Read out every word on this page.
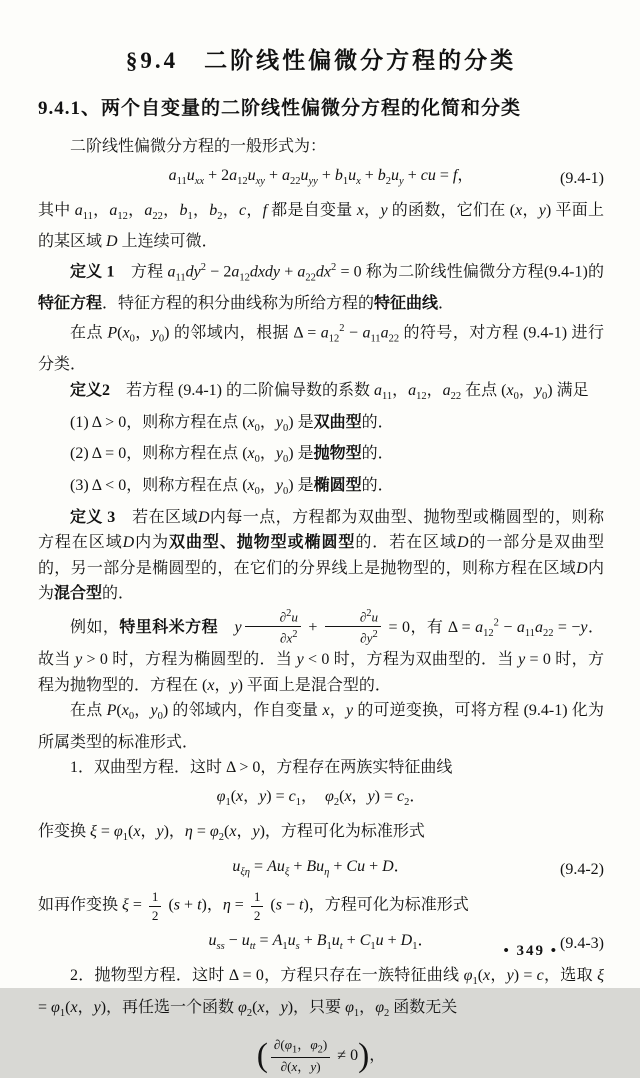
§9.4　二阶线性偏微分方程的分类
9.4.1、两个自变量的二阶线性偏微分方程的化简和分类

二阶线性偏微分方程的一般形式为：

$a_{11}u_{xx} + 2a_{12}u_{xy} + a_{22}u_{yy} + b_1u_x + b_2u_y$ + cu = f，	(9.4-1)

其中 $a_{11}$，$a_{12}$，$a_{22}$，$b_1$，$b_2$，c，f 都是自变量 x，y 的函数，它们在 (x，y) 平面上的某区域 D 上连续可微．

定义 1　方程 $a_{11}dy^2$ − $2a_{12}dxdy + a_{22}dx^2 = 0$ 称为二阶线性偏微分方程(9.4-1)的特征方程．特征方程的积分曲线称为所给方程的特征曲线．

在点 $P(x_0$，$y_0$) 的邻域内，根据 $\Delta = a_{12}^2 - a_{11}a_{22}$ 的符号，对方程 (9.4-1) 进行分类．

定义2　若方程 (9.4-1) 的二阶偏导数的系数 $a_{11}$，$a_{12}$，$a_{22}$ 在点 ($x_0$，$y_0$) 满足

(1) Δ > 0，则称方程在点 ($x_0$，$y_0$) 是双曲型的．

(2) Δ = 0，则称方程在点 ($x_0$，$y_0$) 是抛物型的．

(3) Δ < 0，则称方程在点 ($x_0$，$y_0$) 是椭圆型的．

定义 3　若在区域D内每一点，方程都为双曲型、抛物型或椭圆型的，则称方程在区域D内为双曲型、抛物型或椭圆型的．若在区域D的一部分是双曲型的，另一部分是椭圆型的，在它们的分界线上是抛物型的，则称方程在区域D内为混合型的．

例如，特里科米方程　 y $\frac{\partial^2u}{\partial x^2} + \frac{\partial^2u}{\partial y^2} = 0$，有 $\Delta = a_{12}^2 - a_{11}a_{22} = -y$．故当 y > 0 时，方程为椭圆型的．当 y < 0 时，方程为双曲型的．当 y = 0 时，方程为抛物型的．方程在 (x，y) 平面上是混合型的．

在点 $P(x_0$，$y_0$) 的邻域内，作自变量 x，y 的可逆变换，可将方程 (9.4-1) 化为所属类型的标准形式．

1．双曲型方程．这时 Δ > 0，方程存在两族实特征曲线

$\varphi_1(x$，$y) = c_1$，　$\varphi_2(x$，$y) = c_2$．

作变换 $\xi = \varphi_1(x$，y)，$\eta = \varphi_2(x$，y)，方程可化为标准形式

$u_{\xi\eta} = Au_\xi + Bu_\eta + Cu + D$．	(9.4-2)

如再作变换 $\xi = \frac{1}{2} (s + t)$，$\eta = \frac{1}{2} (s - t)$，方程可化为标准形式

$u_{ss} - u_{tt} = A_1u_s + B_1u_t + C_1u + D_1$．	(9.4-3)

2．抛物型方程．这时 Δ = 0，方程只存在一族特征曲线 $\varphi_1(x$，y) = c，选取 $\xi = \varphi_1(x$，y)，再任选一个函数 $\varphi_2(x$，y)，只要 $\varphi_1$，$\varphi_2$ 函数无关

( $\frac{\partial(\varphi_1,\varphi_2)}{\partial(x,y)} \ne 0$)，
• 349 •
